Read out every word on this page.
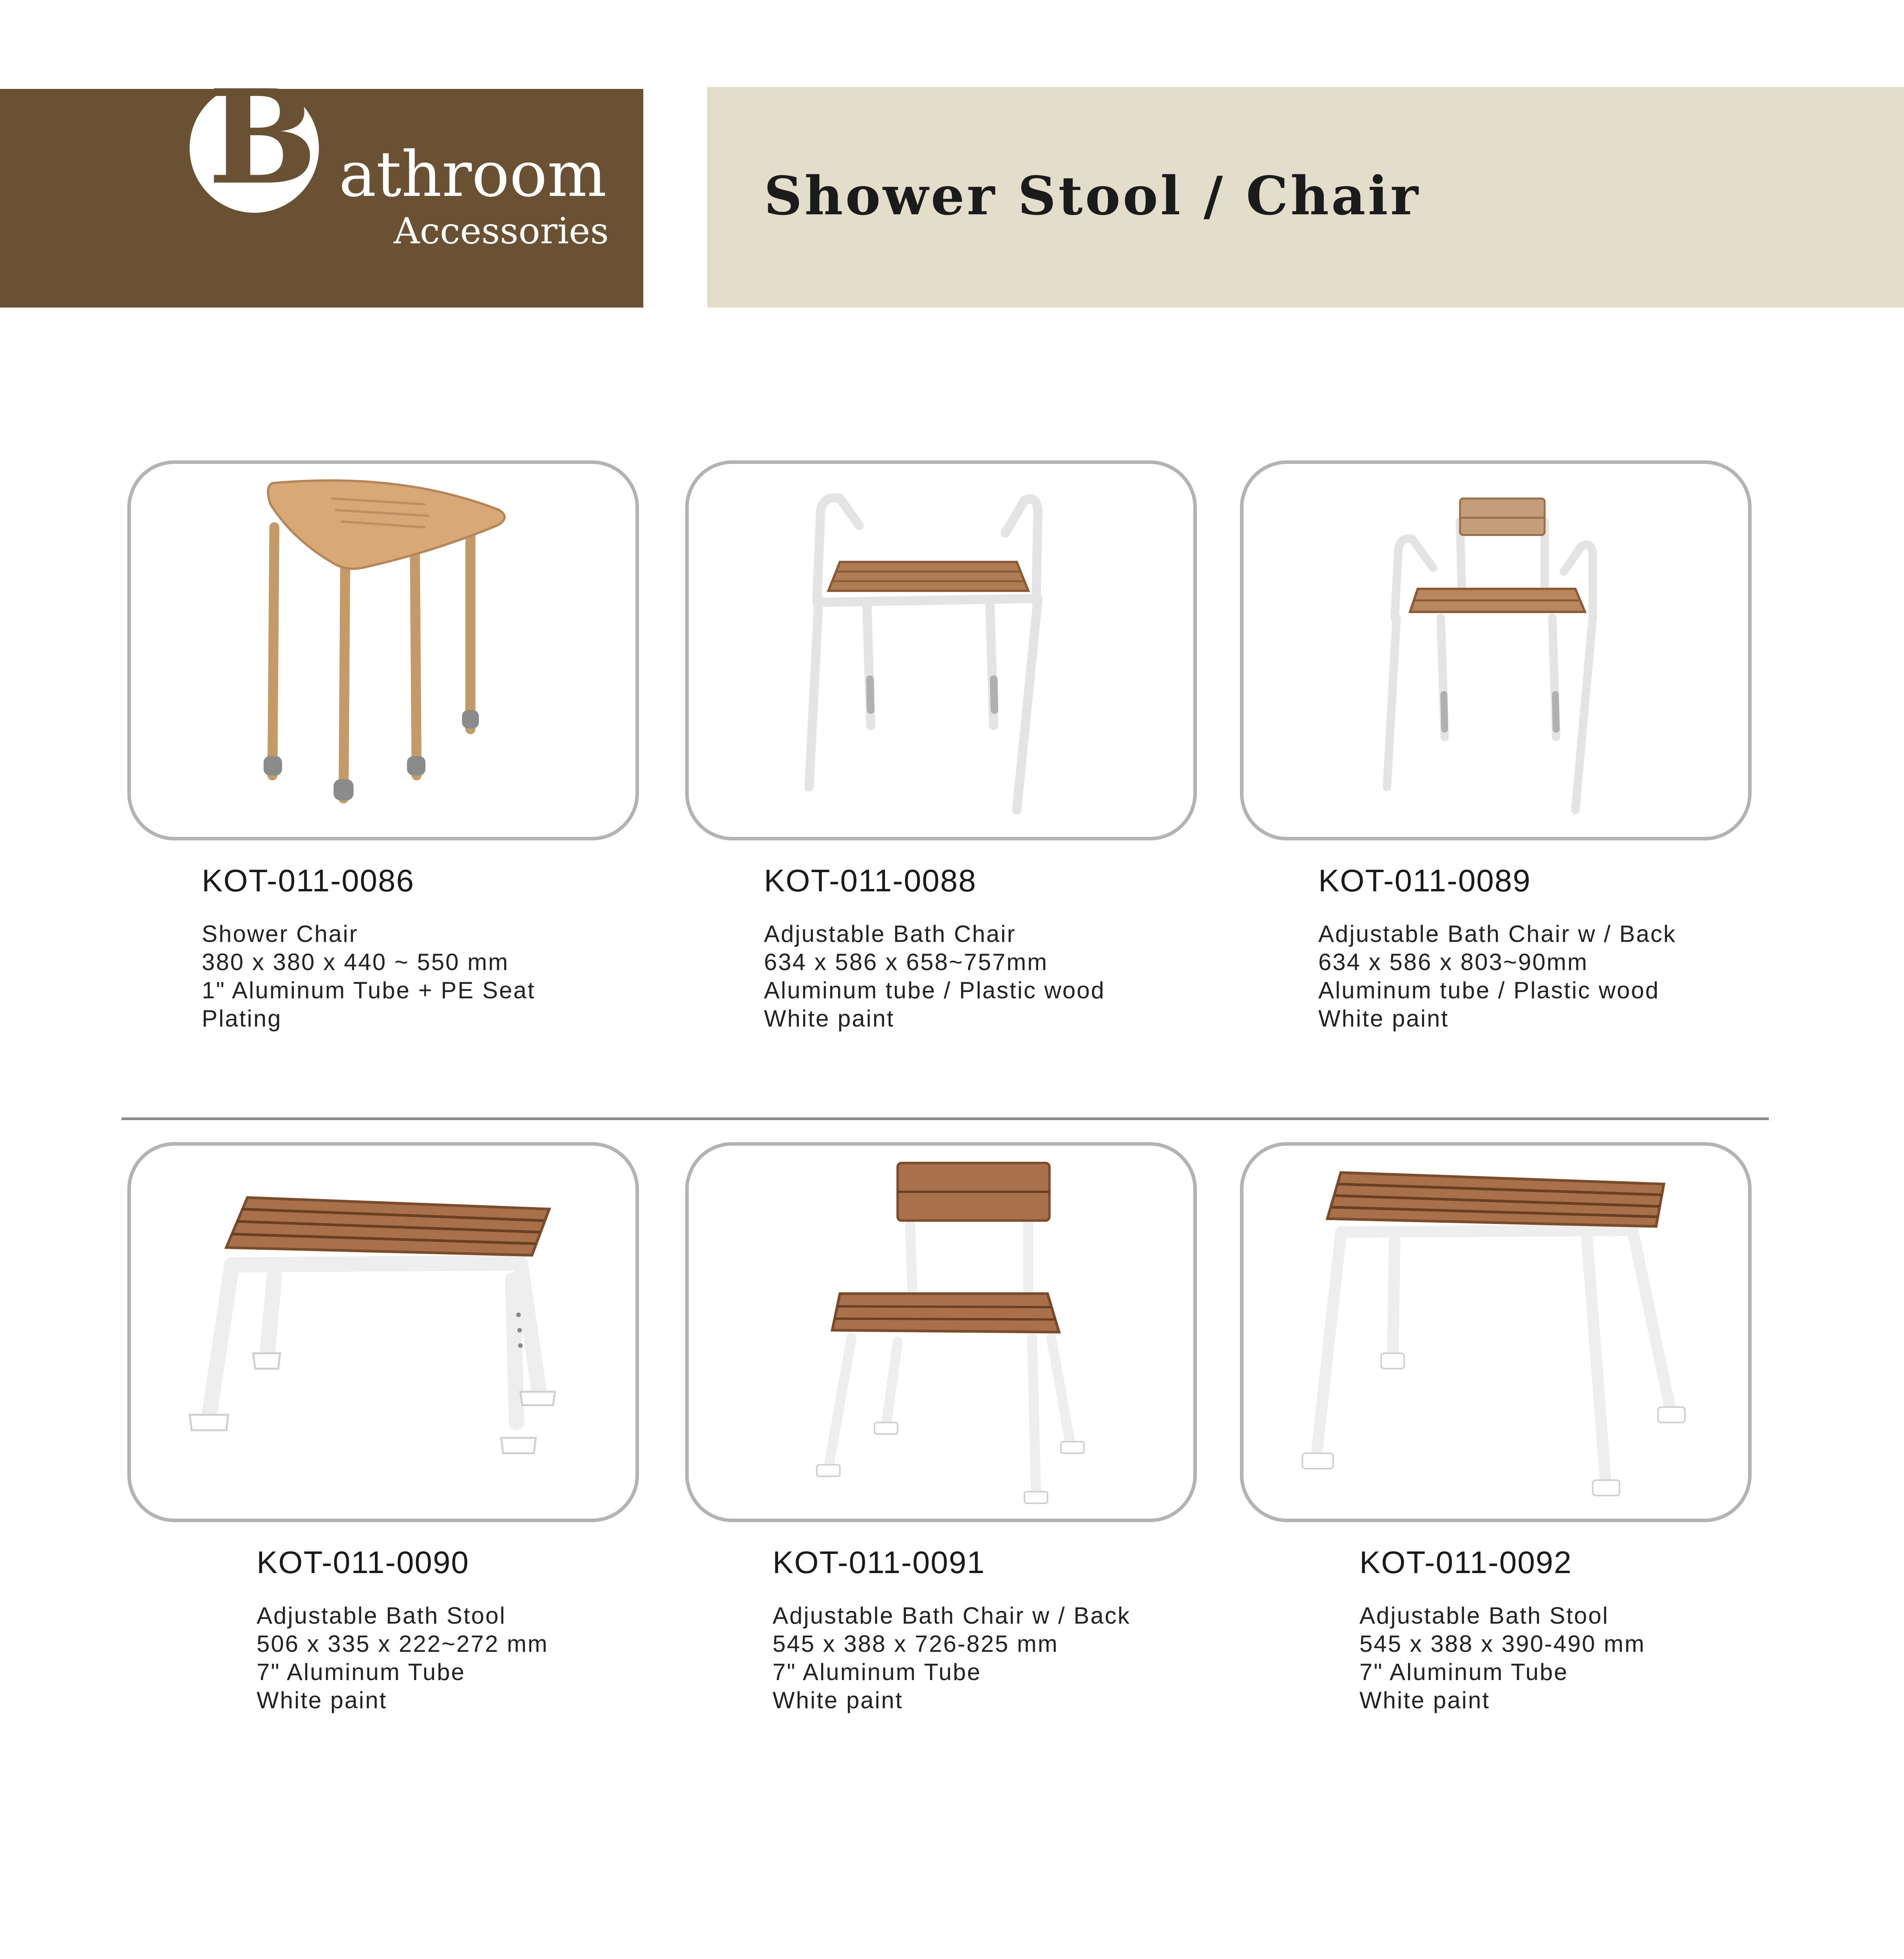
B athroom
Accessories
Shower Stool / Chair
KOT-011-0086
Shower Chair
380 x 380 x 440 ~ 550 mm
1" Aluminum Tube + PE Seat
Plating
KOT-011-0088
Adjustable Bath Chair
634 x 586 x 658~757mm
Aluminum tube / Plastic wood
White paint
KOT-011-0089
Adjustable Bath Chair w / Back
634 x 586 x 803~90mm
Aluminum tube / Plastic wood
White paint
KOT-011-0090
Adjustable Bath Stool
506 x 335 x 222~272 mm
7" Aluminum Tube
White paint
KOT-011-0091
Adjustable Bath Chair w / Back
545 x 388 x 726-825 mm
7" Aluminum Tube
White paint
KOT-011-0092
Adjustable Bath Stool
545 x 388 x 390-490 mm
7" Aluminum Tube
White paint
